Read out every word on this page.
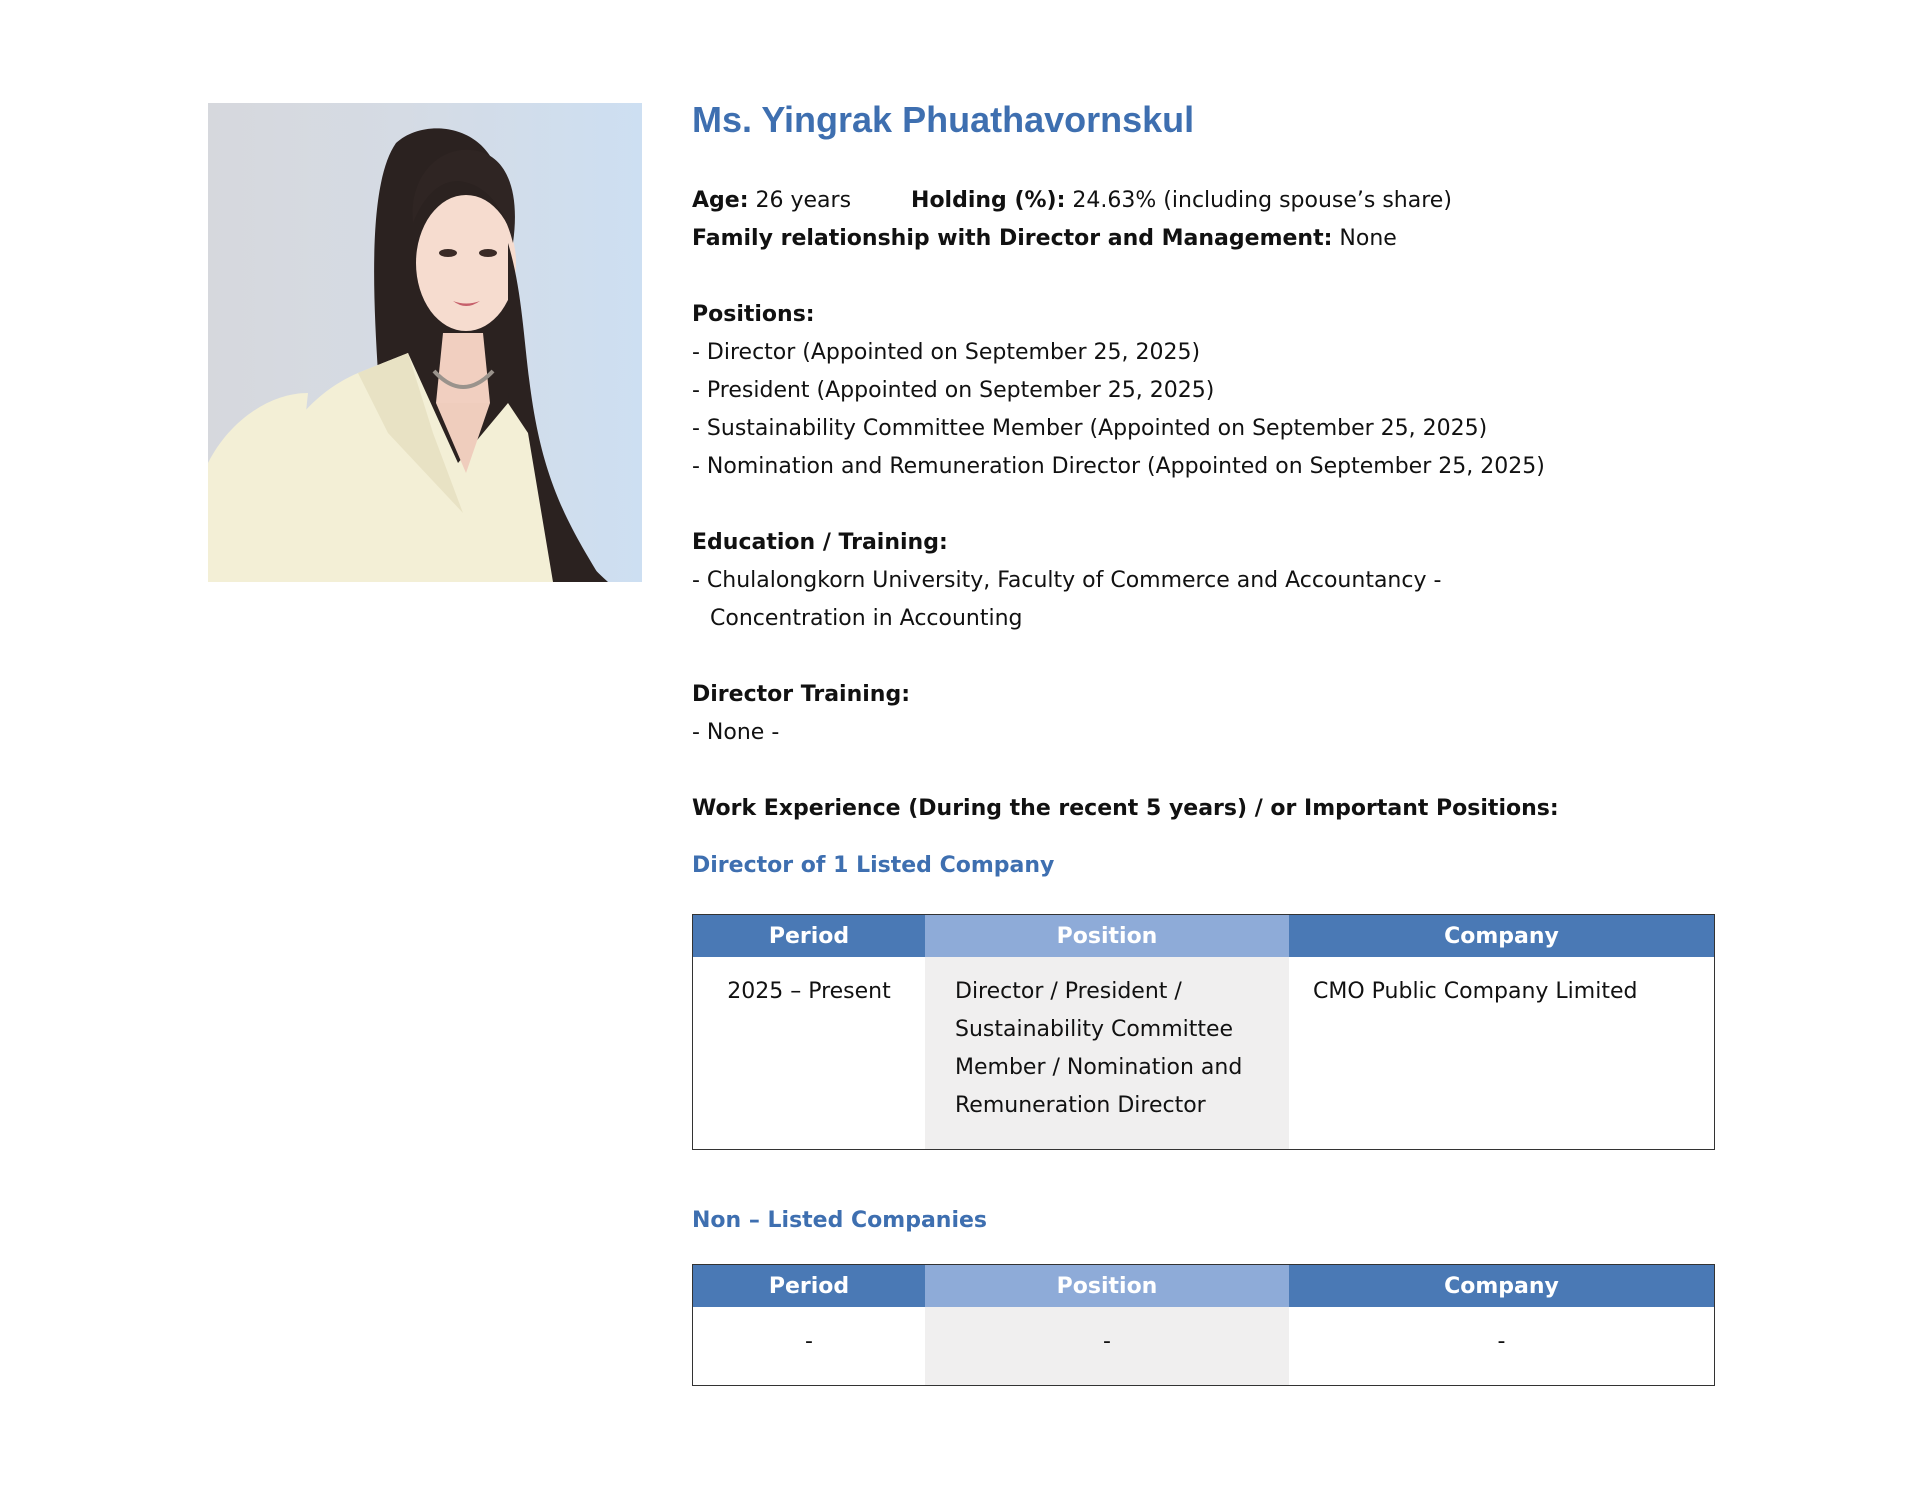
Ms. Yingrak Phuathavornskul
Age: 26 years	Holding (%): 24.63% (including spouse’s share)
Family relationship with Director and Management: None
Positions:
- Director (Appointed on September 25, 2025)
- President (Appointed on September 25, 2025)
- Sustainability Committee Member (Appointed on September 25, 2025)
- Nomination and Remuneration Director (Appointed on September 25, 2025)
Education / Training:
- Chulalongkorn University, Faculty of Commerce and Accountancy - Concentration in Accounting
Director Training:
- None -
Work Experience (During the recent 5 years) / or Important Positions:
Director of 1 Listed Company
Period	Position	Company
2025 – Present	Director / President / Sustainability Committee Member / Nomination and Remuneration Director	CMO Public Company Limited
Non – Listed Companies
Period	Position	Company
-	-	-
